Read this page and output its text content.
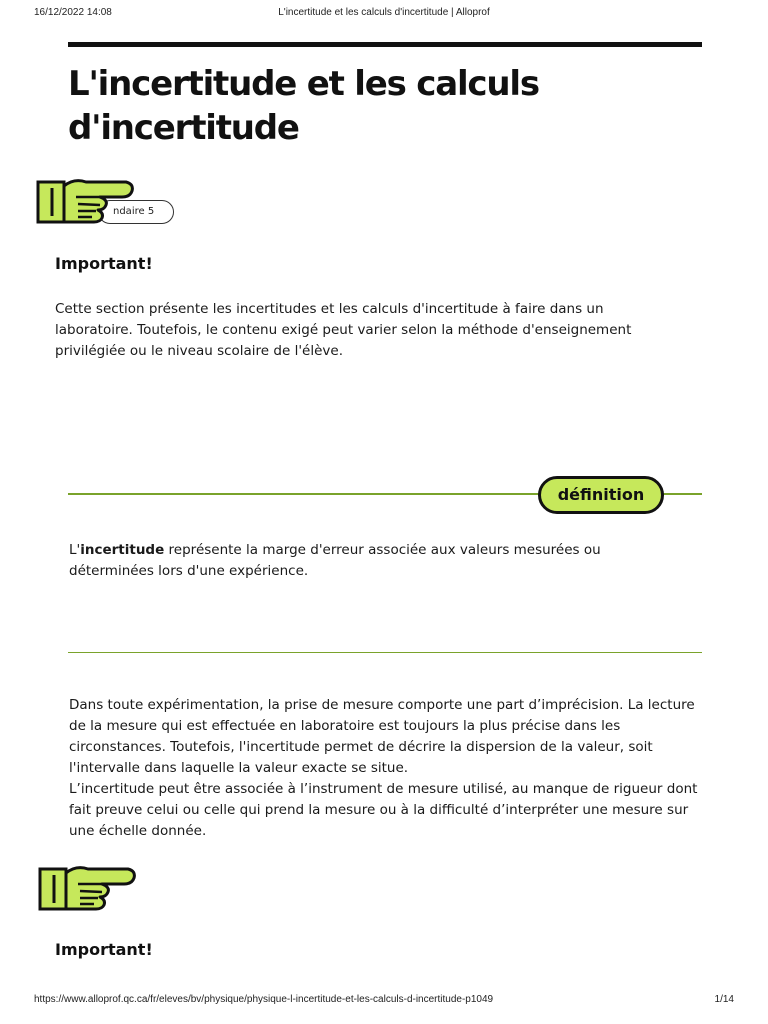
16/12/2022 14:08	L'incertitude et les calculs d'incertitude | Alloprof
L'incertitude et les calculs d'incertitude
ndaire 5
Important!

Cette section présente les incertitudes et les calculs d'incertitude à faire dans un laboratoire. Toutefois, le contenu exigé peut varier selon la méthode d'enseignement privilégiée ou le niveau scolaire de l'élève.

définition

L'incertitude représente la marge d'erreur associée aux valeurs mesurées ou déterminées lors d'une expérience.

Dans toute expérimentation, la prise de mesure comporte une part d’imprécision. La lecture de la mesure qui est effectuée en laboratoire est toujours la plus précise dans les circonstances. Toutefois, l'incertitude permet de décrire la dispersion de la valeur, soit l'intervalle dans laquelle la valeur exacte se situe.
L’incertitude peut être associée à l’instrument de mesure utilisé, au manque de rigueur dont fait preuve celui ou celle qui prend la mesure ou à la difficulté d’interpréter une mesure sur une échelle donnée.

Important!
https://www.alloprof.qc.ca/fr/eleves/bv/physique/physique-l-incertitude-et-les-calculs-d-incertitude-p1049	1/14
